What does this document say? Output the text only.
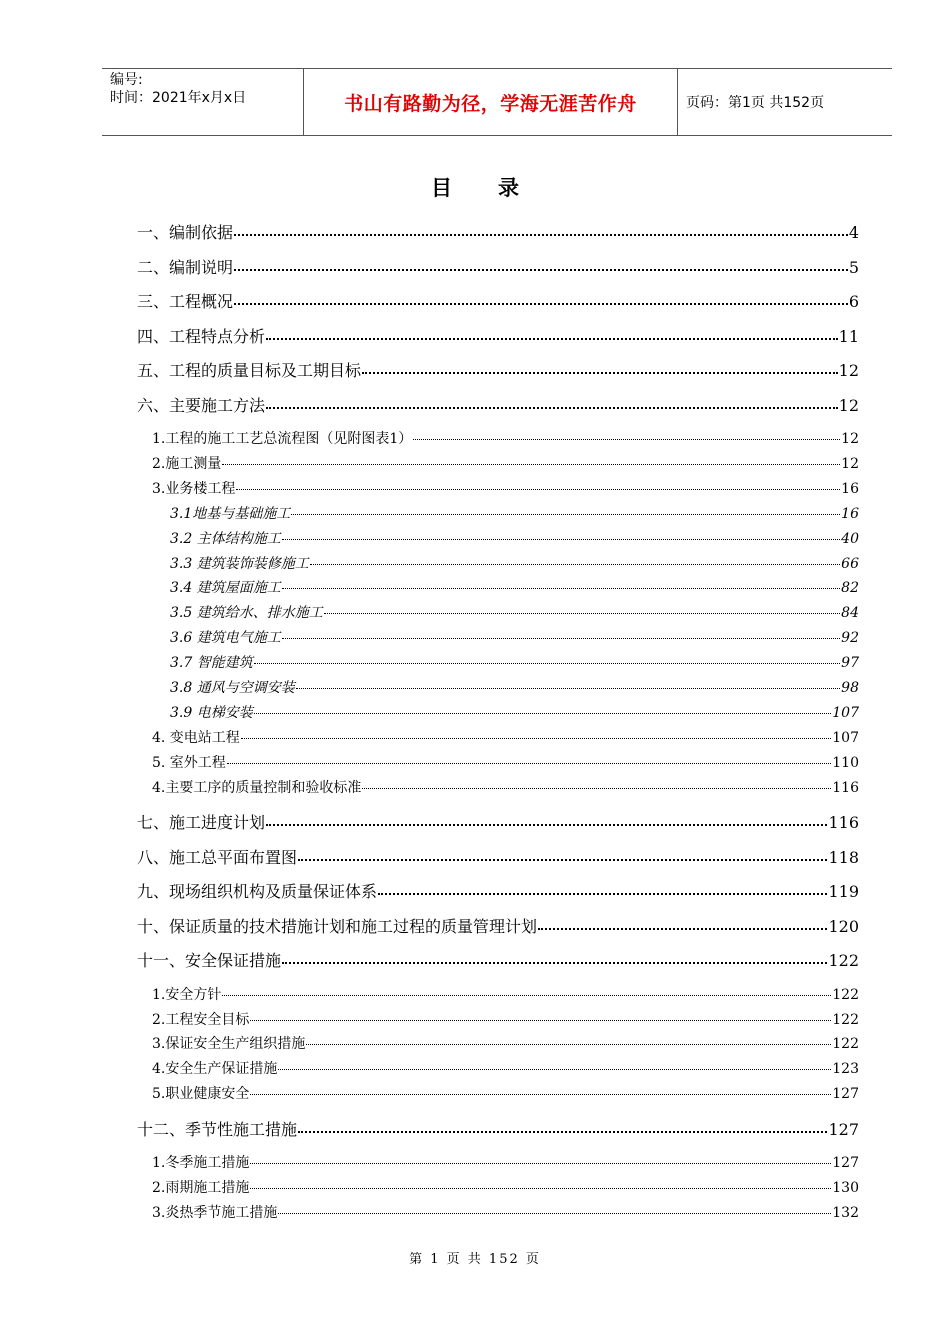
编号:
时间：2021年x月x日	书山有路勤为径，学海无涯苦作舟	页码：第1页 共152页
目录
一、编制依据	4
二、编制说明	5
三、工程概况	6
四、工程特点分析	11
五、工程的质量目标及工期目标	12
六、主要施工方法	12
1.工程的施工工艺总流程图（见附图表1）	12
2.施工测量	12
3.业务楼工程	16
3.1地基与基础施工	16
3.2 主体结构施工	40
3.3 建筑装饰装修施工	66
3.4 建筑屋面施工	82
3.5 建筑给水、排水施工	84
3.6 建筑电气施工	92
3.7 智能建筑	97
3.8 通风与空调安装	98
3.9 电梯安装	107
4. 变电站工程	107
5. 室外工程	110
4.主要工序的质量控制和验收标准	116
七、施工进度计划	116
八、施工总平面布置图	118
九、现场组织机构及质量保证体系	119
十、保证质量的技术措施计划和施工过程的质量管理计划	120
十一、安全保证措施	122
1.安全方针	122
2.工程安全目标	122
3.保证安全生产组织措施	122
4.安全生产保证措施	123
5.职业健康安全	127
十二、季节性施工措施	127
1.冬季施工措施	127
2.雨期施工措施	130
3.炎热季节施工措施	132
第 1 页 共 152 页
